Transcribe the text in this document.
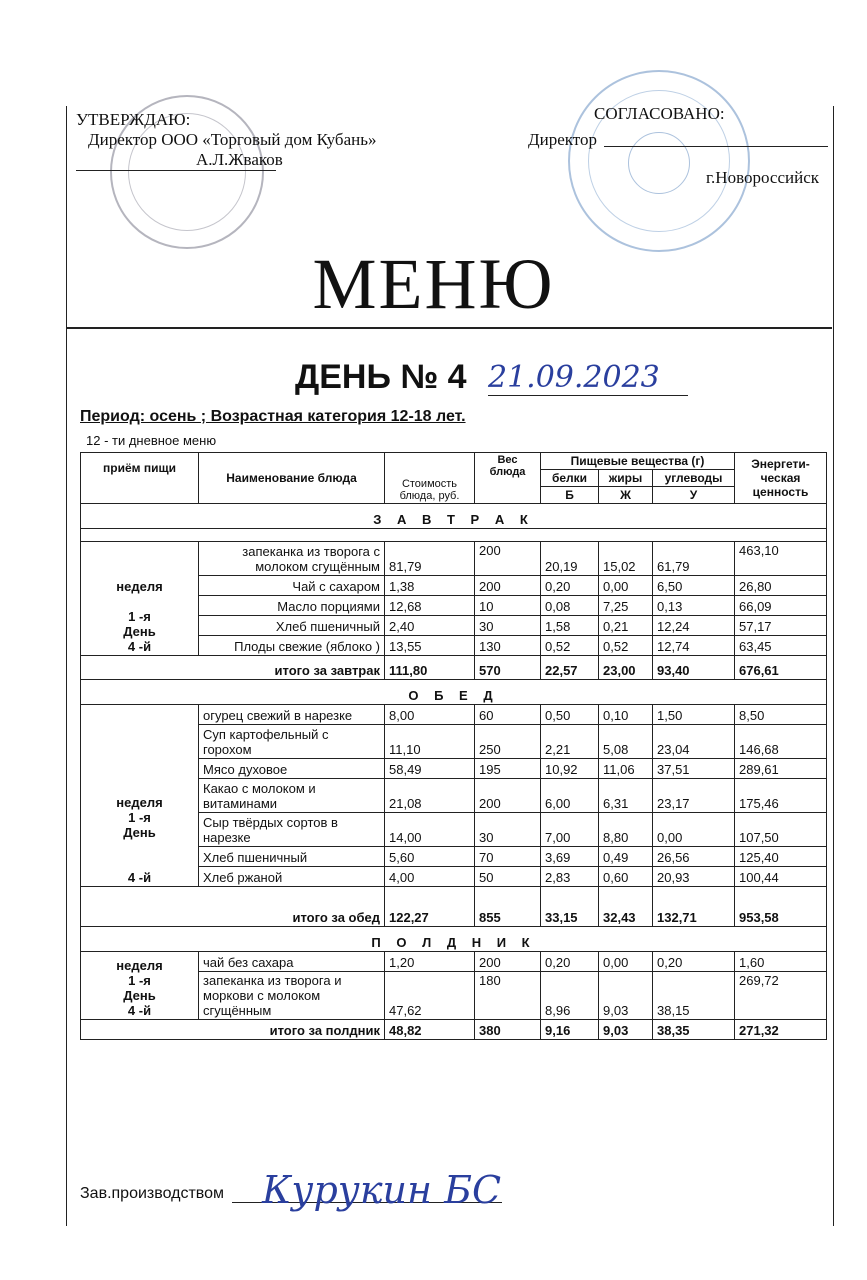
УТВЕРЖДАЮ:
Директор ООО «Торговый дом Кубань»
А.Л.Жваков
СОГЛАСОВАНО:
Директор
г.Новороссийск
МЕНЮ
ДЕНЬ № 4 21.09.2023
Период: осень ; Возрастная категория 12-18 лет.
12 - ти дневное меню
приём пищи	Наименование блюда	Стоимость блюда, руб.	Вес блюда	Пищевые вещества (г)			Энергети-ческая ценность
				белки	жиры	углеводы	
				Б	Ж	У	
З А В Т Р А К							

неделя

1 -я
День
4 -й	запеканка из творога с молоком сгущённым	81,79	200	20,19	15,02	61,79	463,10
	Чай с сахаром	1,38	200	0,20	0,00	6,50	26,80
	Масло порциями	12,68	10	0,08	7,25	0,13	66,09
	Хлеб пшеничный	2,40	30	1,58	0,21	12,24	57,17
	Плоды свежие (яблоко )	13,55	130	0,52	0,52	12,74	63,45
итого за завтрак		111,80	570	22,57	23,00	93,40	676,61
О Б Е Д							
неделя
1 -я
День

4 -й	огурец свежий в нарезке	8,00	60	0,50	0,10	1,50	8,50
	Суп картофельный с горохом	11,10	250	2,21	5,08	23,04	146,68
	Мясо духовое	58,49	195	10,92	11,06	37,51	289,61
	Какао с молоком и витаминами	21,08	200	6,00	6,31	23,17	175,46
	Сыр твёрдых сортов в нарезке	14,00	30	7,00	8,80	0,00	107,50
	Хлеб пшеничный	5,60	70	3,69	0,49	26,56	125,40
	Хлеб ржаной	4,00	50	2,83	0,60	20,93	100,44
итого за обед		122,27	855	33,15	32,43	132,71	953,58
П О Л Д Н И К							
неделя
1 -я
День
4 -й	чай без сахара	1,20	200	0,20	0,00	0,20	1,60
	запеканка из творога и моркови с молоком сгущённым	47,62	180	8,96	9,03	38,15	269,72
итого за полдник		48,82	380	9,16	9,03	38,35	271,32
Зав.производством Курукин БС
